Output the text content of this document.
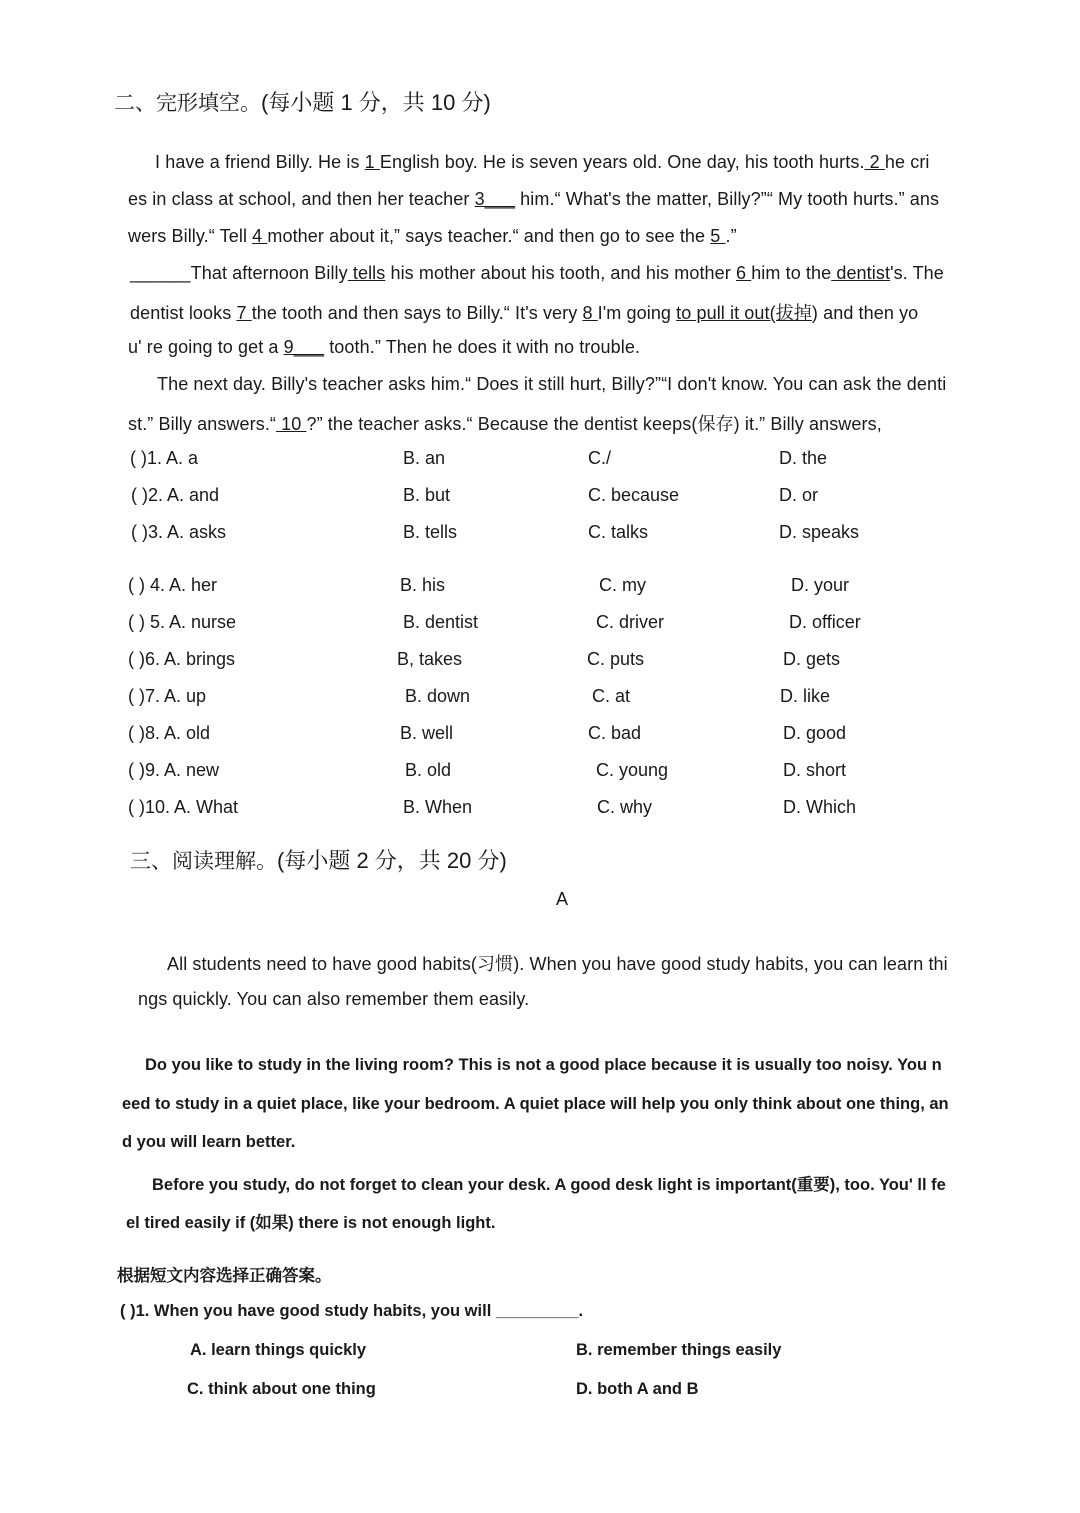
二、完形填空。(每小题 1 分，共 10 分)
I have a friend Billy. He is 1 English boy. He is seven years old. One day, his tooth hurts. 2 he cri
es in class at school, and then her teacher 3___ him.“ What's the matter, Billy?”“ My tooth hurts.” ans
wers Billy.“ Tell 4 mother about it,” says teacher.“ and then go to see the 5 .”
______That afternoon Billy tells his mother about his tooth, and his mother 6 him to the dentist's. The
dentist looks 7 the tooth and then says to Billy.“ It's very 8 I'm going to pull it out(拔掉) and then yo
u' re going to get a 9___ tooth.” Then he does it with no trouble.
The next day. Billy's teacher asks him.“ Does it still hurt, Billy?”“I don't know. You can ask the denti
st.” Billy answers.“ 10 ?” the teacher asks.“ Because the dentist keeps(保存) it.” Billy answers,
( )1. A. a	B. an	C./	D. the
( )2. A. and	B. but	C. because	D. or
( )3. A. asks	B. tells	C. talks	D. speaks
( ) 4. A. her	B. his	C. my	D. your
( ) 5. A. nurse	B. dentist	C. driver	D. officer
( )6. A. brings	B, takes	C. puts	D. gets
( )7. A. up	B. down	C. at	D. like
( )8. A. old	B. well	C. bad	D. good
( )9. A. new	B. old	C. young	D. short
( )10. A. What	B. When	C. why	D. Which
三、阅读理解。(每小题 2 分，共 20 分)
A
All students need to have good habits(习惯). When you have good study habits, you can learn thi
ngs quickly. You can also remember them easily.
Do you like to study in the living room? This is not a good place because it is usually too noisy. You n
eed to study in a quiet place, like your bedroom. A quiet place will help you only think about one thing, an
d you will learn better.
Before you study, do not forget to clean your desk. A good desk light is important(重要), too. You' ll fe
el tired easily if (如果) there is not enough light.
根据短文内容选择正确答案。
( )1. When you have good study habits, you will _________.
A. learn things quickly	B. remember things easily
C. think about one thing	D. both A and B
